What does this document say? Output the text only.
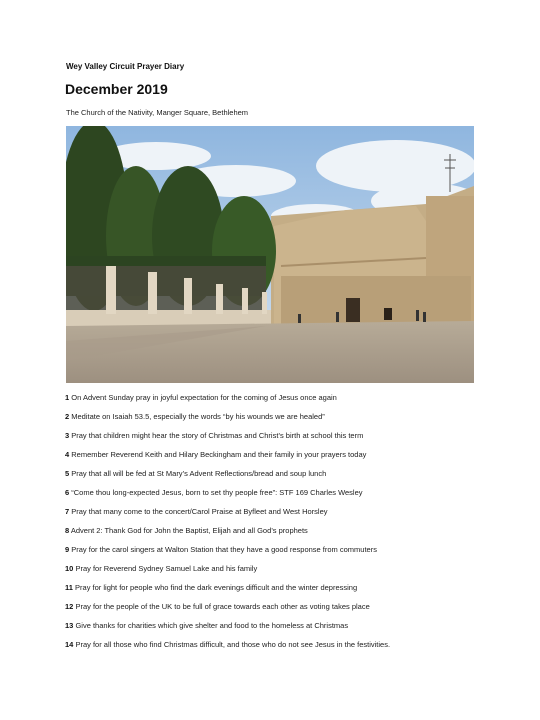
Wey Valley Circuit Prayer Diary
December 2019
The Church of the Nativity, Manger Square, Bethlehem
1 On Advent Sunday pray in joyful expectation for the coming of Jesus once again
2 Meditate on Isaiah 53.5, especially the words “by his wounds we are healed”
3 Pray that children might hear the story of Christmas and Christ’s birth at school this term
4 Remember Reverend Keith and Hilary Beckingham and their family in your prayers today
5 Pray that all will be fed at St Mary’s Advent Reflections/bread and soup lunch
6 “Come thou long-expected Jesus, born to set thy people free”: STF 169 Charles Wesley
7 Pray that many come to the concert/Carol Praise at Byfleet and West Horsley
8 Advent 2: Thank God for John the Baptist, Elijah and all God’s prophets
9 Pray for the carol singers at Walton Station that they have a good response from commuters
10 Pray for Reverend Sydney Samuel Lake and his family
11 Pray for light for people who find the dark evenings difficult and the winter depressing
12 Pray for the people of the UK to be full of grace towards each other as voting takes place
13 Give thanks for charities which give shelter and food to the homeless at Christmas
14 Pray for all those who find Christmas difficult, and those who do not see Jesus in the festivities.
